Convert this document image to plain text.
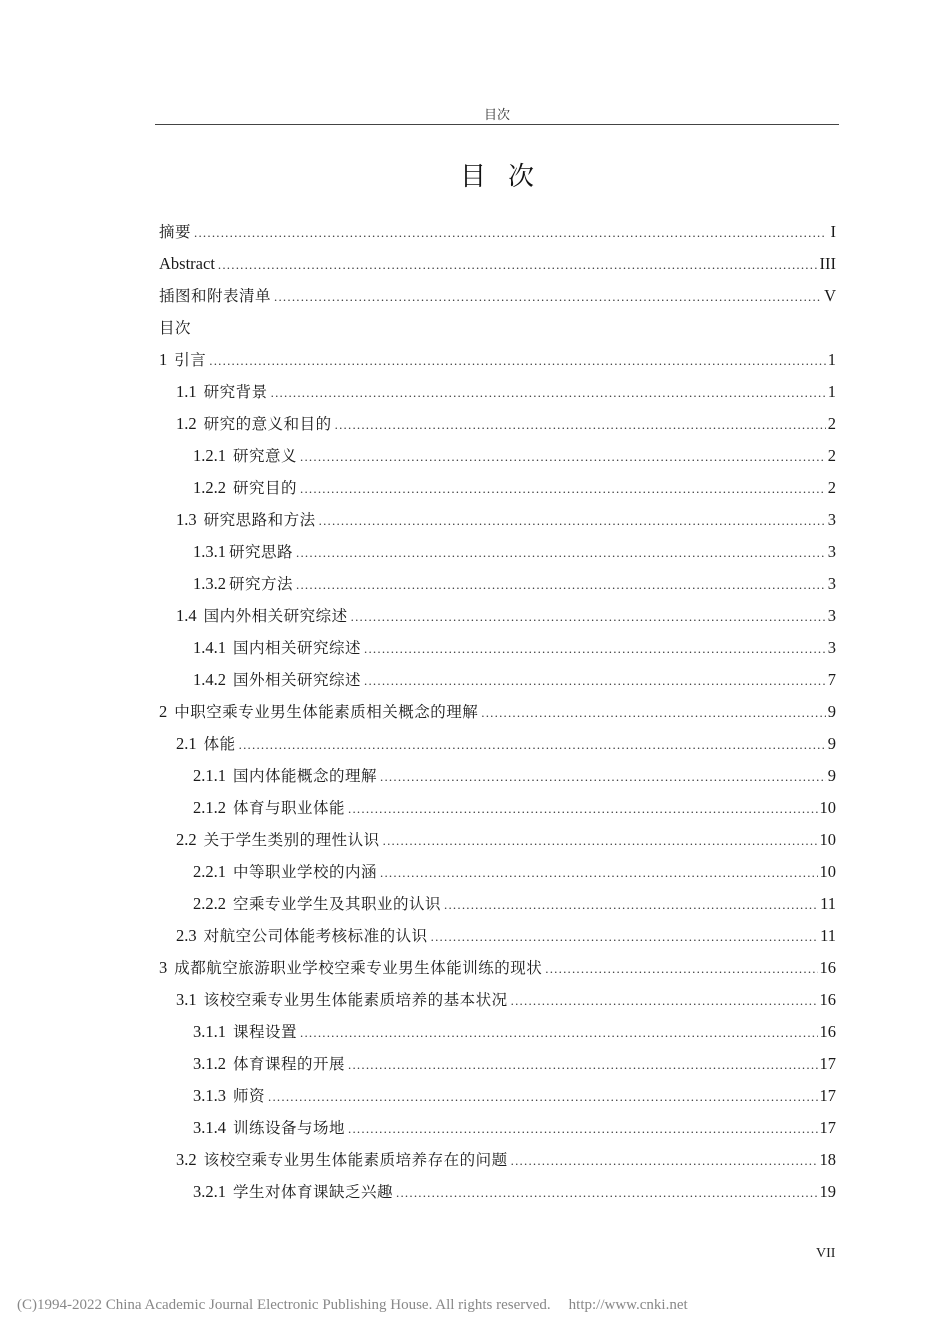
目次
目次
摘要 .....	I
Abstract .....	III
插图和附表清单 .....	V
目次
1 引言 .....	1
1.1 研究背景 .....	1
1.2 研究的意义和目的 .....	2
1.2.1 研究意义 .....	2
1.2.2 研究目的 .....	2
1.3 研究思路和方法 .....	3
1.3.1 研究思路 .....	3
1.3.2 研究方法 .....	3
1.4 国内外相关研究综述 .....	3
1.4.1 国内相关研究综述 .....	3
1.4.2 国外相关研究综述 .....	7
2 中职空乘专业男生体能素质相关概念的理解 .....	9
2.1 体能 .....	9
2.1.1 国内体能概念的理解 .....	9
2.1.2 体育与职业体能 .....	10
2.2 关于学生类别的理性认识 .....	10
2.2.1 中等职业学校的内涵 .....	10
2.2.2 空乘专业学生及其职业的认识 .....	11
2.3 对航空公司体能考核标准的认识 .....	11
3 成都航空旅游职业学校空乘专业男生体能训练的现状 .....	16
3.1 该校空乘专业男生体能素质培养的基本状况 .....	16
3.1.1 课程设置 .....	16
3.1.2 体育课程的开展 .....	17
3.1.3 师资 .....	17
3.1.4 训练设备与场地 .....	17
3.2 该校空乘专业男生体能素质培养存在的问题 .....	18
3.2.1 学生对体育课缺乏兴趣 .....	19
VII
(C)1994-2022 China Academic Journal Electronic Publishing House. All rights reserved. http://www.cnki.net
